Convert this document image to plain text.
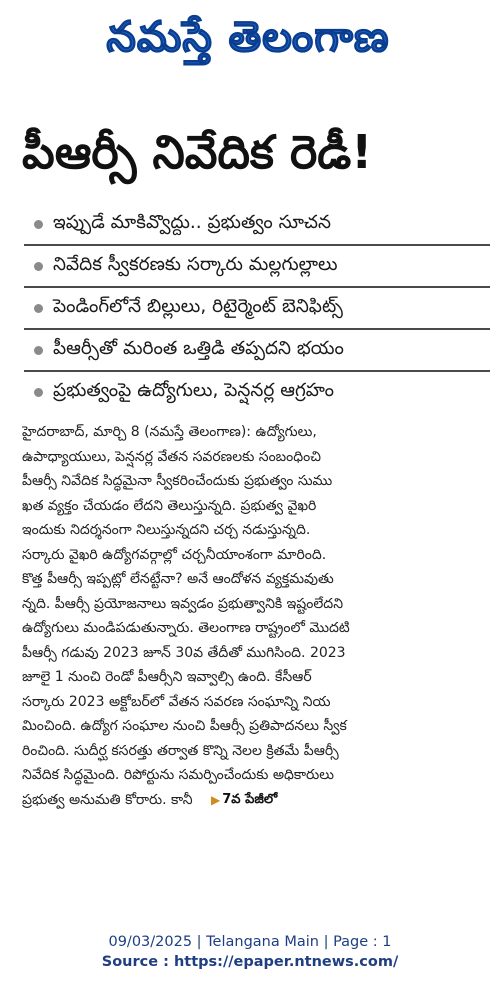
నమస్తే తెలంగాణ
పీఆర్సీ నివేదిక రెడీ!
ఇప్పుడే మాకివ్వొద్దు.. ప్రభుత్వం సూచన
నివేదిక స్వీకరణకు సర్కారు మల్లగుల్లాలు
పెండింగ్‌లోనే బిల్లులు, రిటైర్మెంట్ బెనిఫిట్స్
పీఆర్సీతో మరింత ఒత్తిడి తప్పదని భయం
ప్రభుత్వంపై ఉద్యోగులు, పెన్షనర్ల ఆగ్రహం
హైదరాబాద్, మార్చి 8 (నమస్తే తెలంగాణ): ఉద్యోగులు,
ఉపాధ్యాయులు, పెన్షనర్ల వేతన సవరణలకు సంబంధించి
పీఆర్సీ నివేదిక సిద్ధమైనా స్వీకరించేందుకు ప్రభుత్వం సుము
ఖత వ్యక్తం చేయడం లేదని తెలుస్తున్నది. ప్రభుత్వ వైఖరి
ఇందుకు నిదర్శనంగా నిలుస్తున్నదని చర్చ నడుస్తున్నది.
సర్కారు వైఖరి ఉద్యోగవర్గాల్లో చర్చనీయాంశంగా మారింది.
కొత్త పీఆర్సీ ఇప్పట్లో లేనట్టేనా? అనే ఆందోళన వ్యక్తమవుతు
న్నది. పీఆర్సీ ప్రయోజనాలు ఇవ్వడం ప్రభుత్వానికి ఇష్టంలేదని
ఉద్యోగులు మండిపడుతున్నారు. తెలంగాణ రాష్ట్రంలో మొదటి
పీఆర్సీ గడువు 2023 జూన్ 30వ తేదీతో ముగిసింది. 2023
జూలై 1 నుంచి రెండో పీఆర్సీని ఇవ్వాల్సి ఉంది. కేసీఆర్
సర్కారు 2023 అక్టోబర్‌లో వేతన సవరణ సంఘాన్ని నియ
మించింది. ఉద్యోగ సంఘాల నుంచి పీఆర్సీ ప్రతిపాదనలు స్వీక
రించింది. సుదీర్ఘ కసరత్తు తర్వాత కొన్ని నెలల క్రితమే పీఆర్సీ
నివేదిక సిద్ధమైంది. రిపోర్టును సమర్పించేందుకు అధికారులు
ప్రభుత్వ అనుమతి కోరారు. కానీ ▶ 7వ పేజీలో
09/03/2025 | Telangana Main | Page : 1
Source : https://epaper.ntnews.com/
